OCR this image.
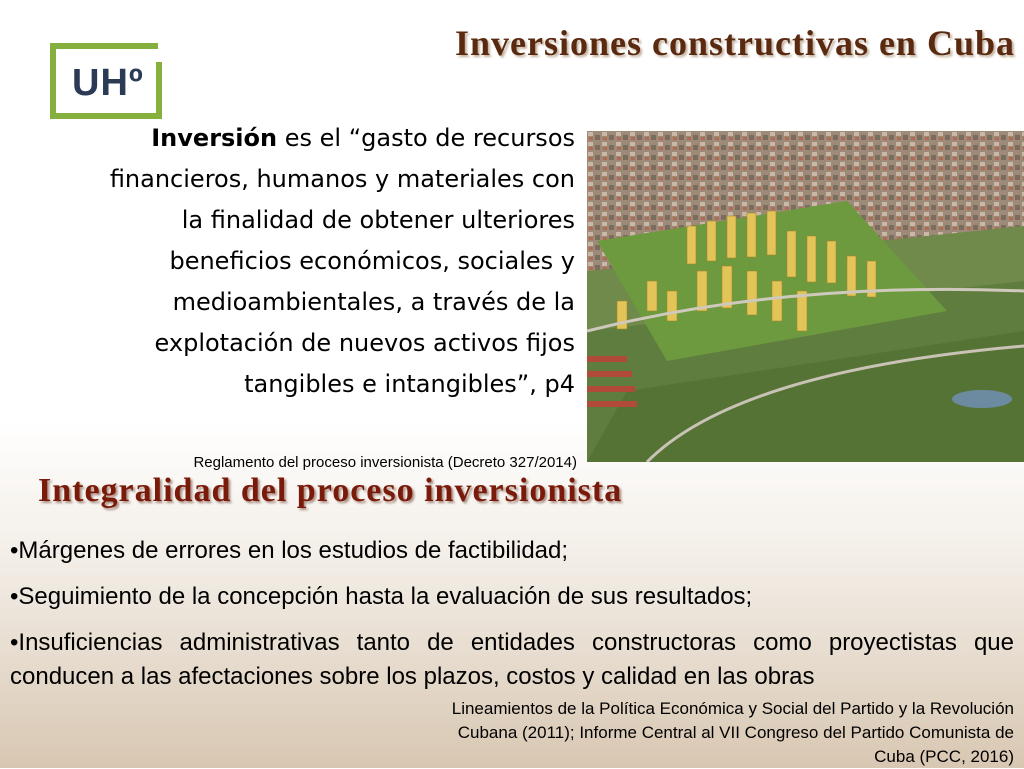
UHº
Inversiones constructivas en Cuba
Inversión es el “gasto de recursos financieros, humanos y materiales con la finalidad de obtener ulteriores beneficios económicos, sociales y medioambientales, a través de la explotación de nuevos activos fijos tangibles e intangibles”, p4
Reglamento del proceso inversionista (Decreto 327/2014)
Integralidad del proceso inversionista
•Márgenes de errores en los estudios de factibilidad;
•Seguimiento de la concepción hasta la evaluación de sus resultados;
•Insuficiencias administrativas tanto de entidades constructoras como proyectistas que conducen a las afectaciones sobre los plazos, costos y calidad en las obras
Lineamientos de la Política Económica y Social del Partido y la Revolución Cubana (2011); Informe Central al VII Congreso del Partido Comunista de Cuba (PCC, 2016)
